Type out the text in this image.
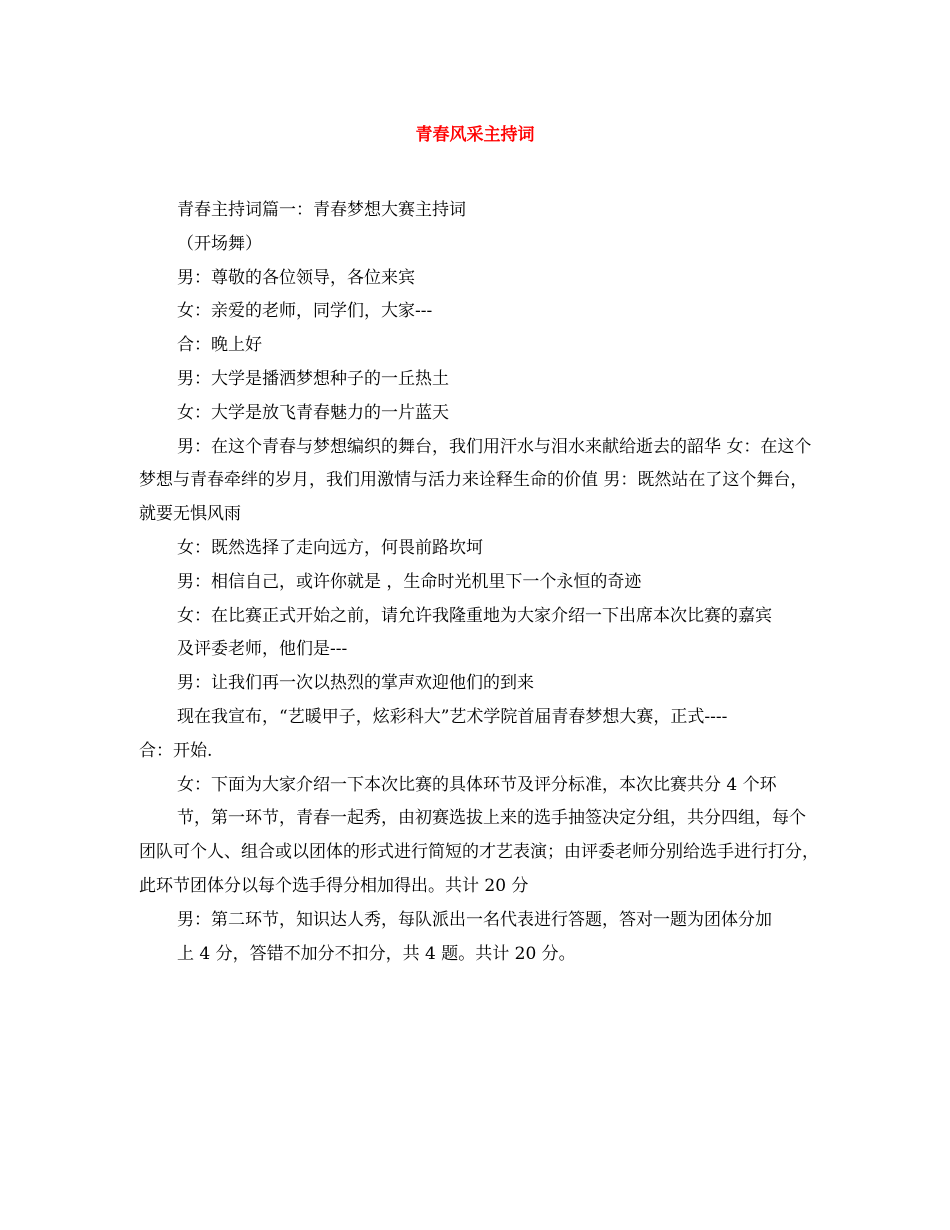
青春风采主持词

青春主持词篇一：青春梦想大赛主持词

（开场舞）

男：尊敬的各位领导，各位来宾

女：亲爱的老师，同学们，大家---

合：晚上好

男：大学是播洒梦想种子的一丘热土

女：大学是放飞青春魅力的一片蓝天

男：在这个青春与梦想编织的舞台，我们用汗水与泪水来献给逝去的韶华 女：在这个梦想与青春牵绊的岁月，我们用激情与活力来诠释生命的价值 男：既然站在了这个舞台，就要无惧风雨

女：既然选择了走向远方，何畏前路坎坷

男：相信自己，或许你就是 ，生命时光机里下一个永恒的奇迹

女：在比赛正式开始之前，请允许我隆重地为大家介绍一下出席本次比赛的嘉宾

及评委老师，他们是---

男：让我们再一次以热烈的掌声欢迎他们的到来

现在我宣布，“艺暖甲子，炫彩科大”艺术学院首届青春梦想大赛，正式----

合：开始.

女：下面为大家介绍一下本次比赛的具体环节及评分标准，本次比赛共分 4 个环

节，第一环节，青春一起秀，由初赛选拔上来的选手抽签决定分组，共分四组，每个团队可个人、组合或以团体的形式进行简短的才艺表演；由评委老师分别给选手进行打分，此环节团体分以每个选手得分相加得出。共计 20 分

男：第二环节，知识达人秀，每队派出一名代表进行答题，答对一题为团体分加

上 4 分，答错不加分不扣分，共 4 题。共计 20 分。
